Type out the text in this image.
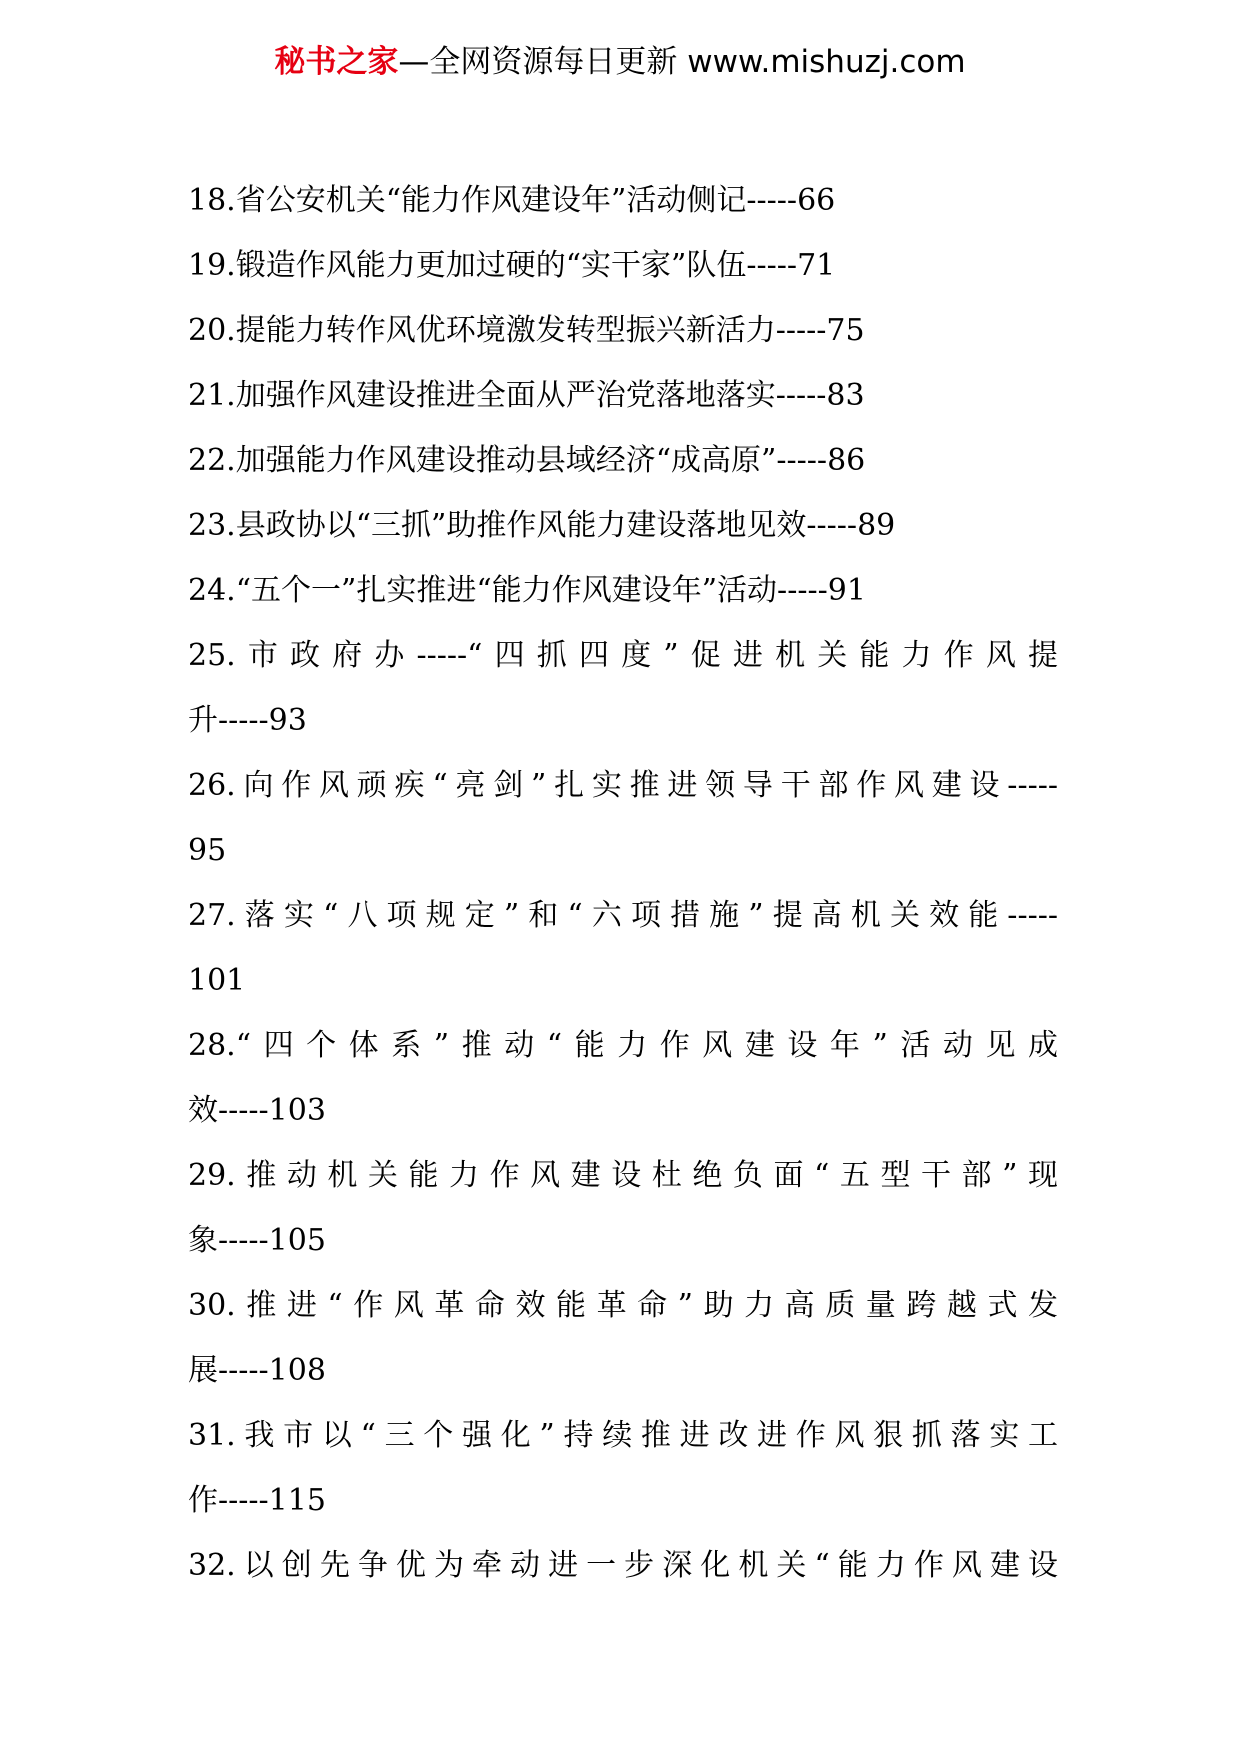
秘书之家—全网资源每日更新 www.mishuzj.com
18.省公安机关“能力作风建设年”活动侧记-----66
19.锻造作风能力更加过硬的“实干家”队伍-----71
20.提能力转作风优环境激发转型振兴新活力-----75
21.加强作风建设推进全面从严治党落地落实-----83
22.加强能力作风建设推动县域经济“成高原”-----86
23.县政协以“三抓”助推作风能力建设落地见效-----89
24.“五个一”扎实推进“能力作风建设年”活动-----91
25.市政府办-----“四抓四度”促进机关能力作风提
升-----93
26.向作风顽疾“亮剑”扎实推进领导干部作风建设-----
95
27.落实“八项规定”和“六项措施”提高机关效能-----
101
28.“四个体系”推动“能力作风建设年”活动见成
效-----103
29.推动机关能力作风建设杜绝负面“五型干部”现
象-----105
30.推进“作风革命效能革命”助力高质量跨越式发
展-----108
31.我市以“三个强化”持续推进改进作风狠抓落实工
作-----115
32.以创先争优为牵动进一步深化机关“能力作风建设
